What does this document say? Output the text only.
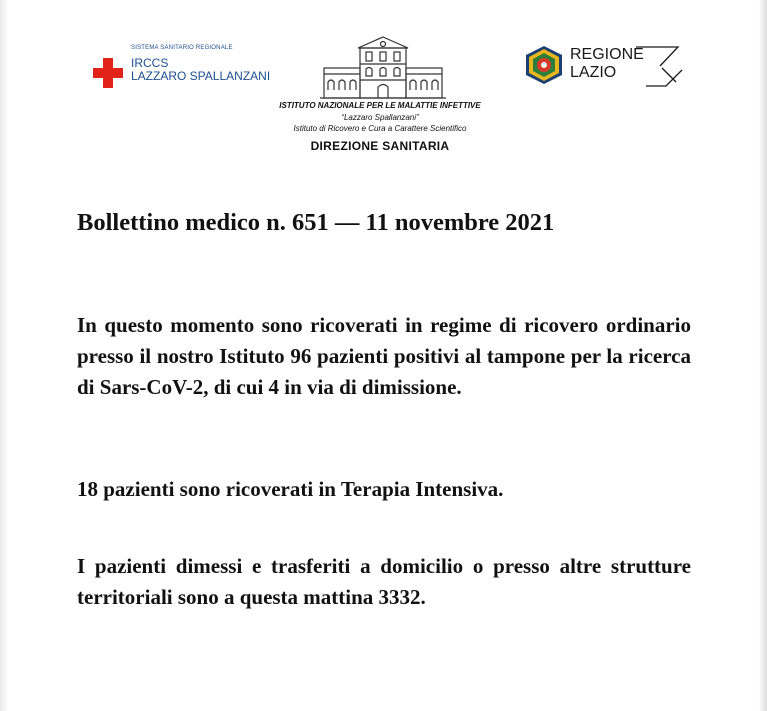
SISTEMA SANITARIO REGIONALE
IRCCS
LAZZARO SPALLANZANI
ISTITUTO NAZIONALE PER LE MALATTIE INFETTIVE
“Lazzaro Spallanzani”
Istituto di Ricovero e Cura a Carattere Scientifico
DIREZIONE SANITARIA
REGIONE
LAZIO
Bollettino medico n. 651 — 11 novembre 2021

In questo momento sono ricoverati in regime di ricovero ordinario presso il nostro Istituto 96 pazienti positivi al tampone per la ricerca di Sars-CoV-2, di cui 4 in via di dimissione.

18 pazienti sono ricoverati in Terapia Intensiva.

I pazienti dimessi e trasferiti a domicilio o presso altre strutture territoriali sono a questa mattina 3332.
